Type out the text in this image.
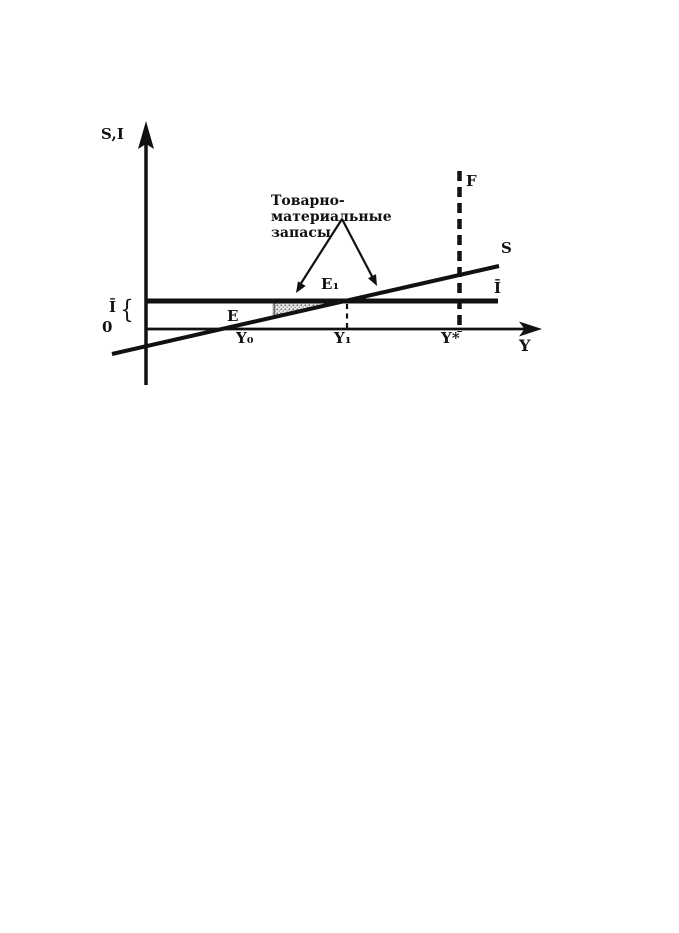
S,I
0
Ī {	E
Y₀
E₁
Y₁	Y*
F
S
Ī
Y
Товарно-материальные
запасы
